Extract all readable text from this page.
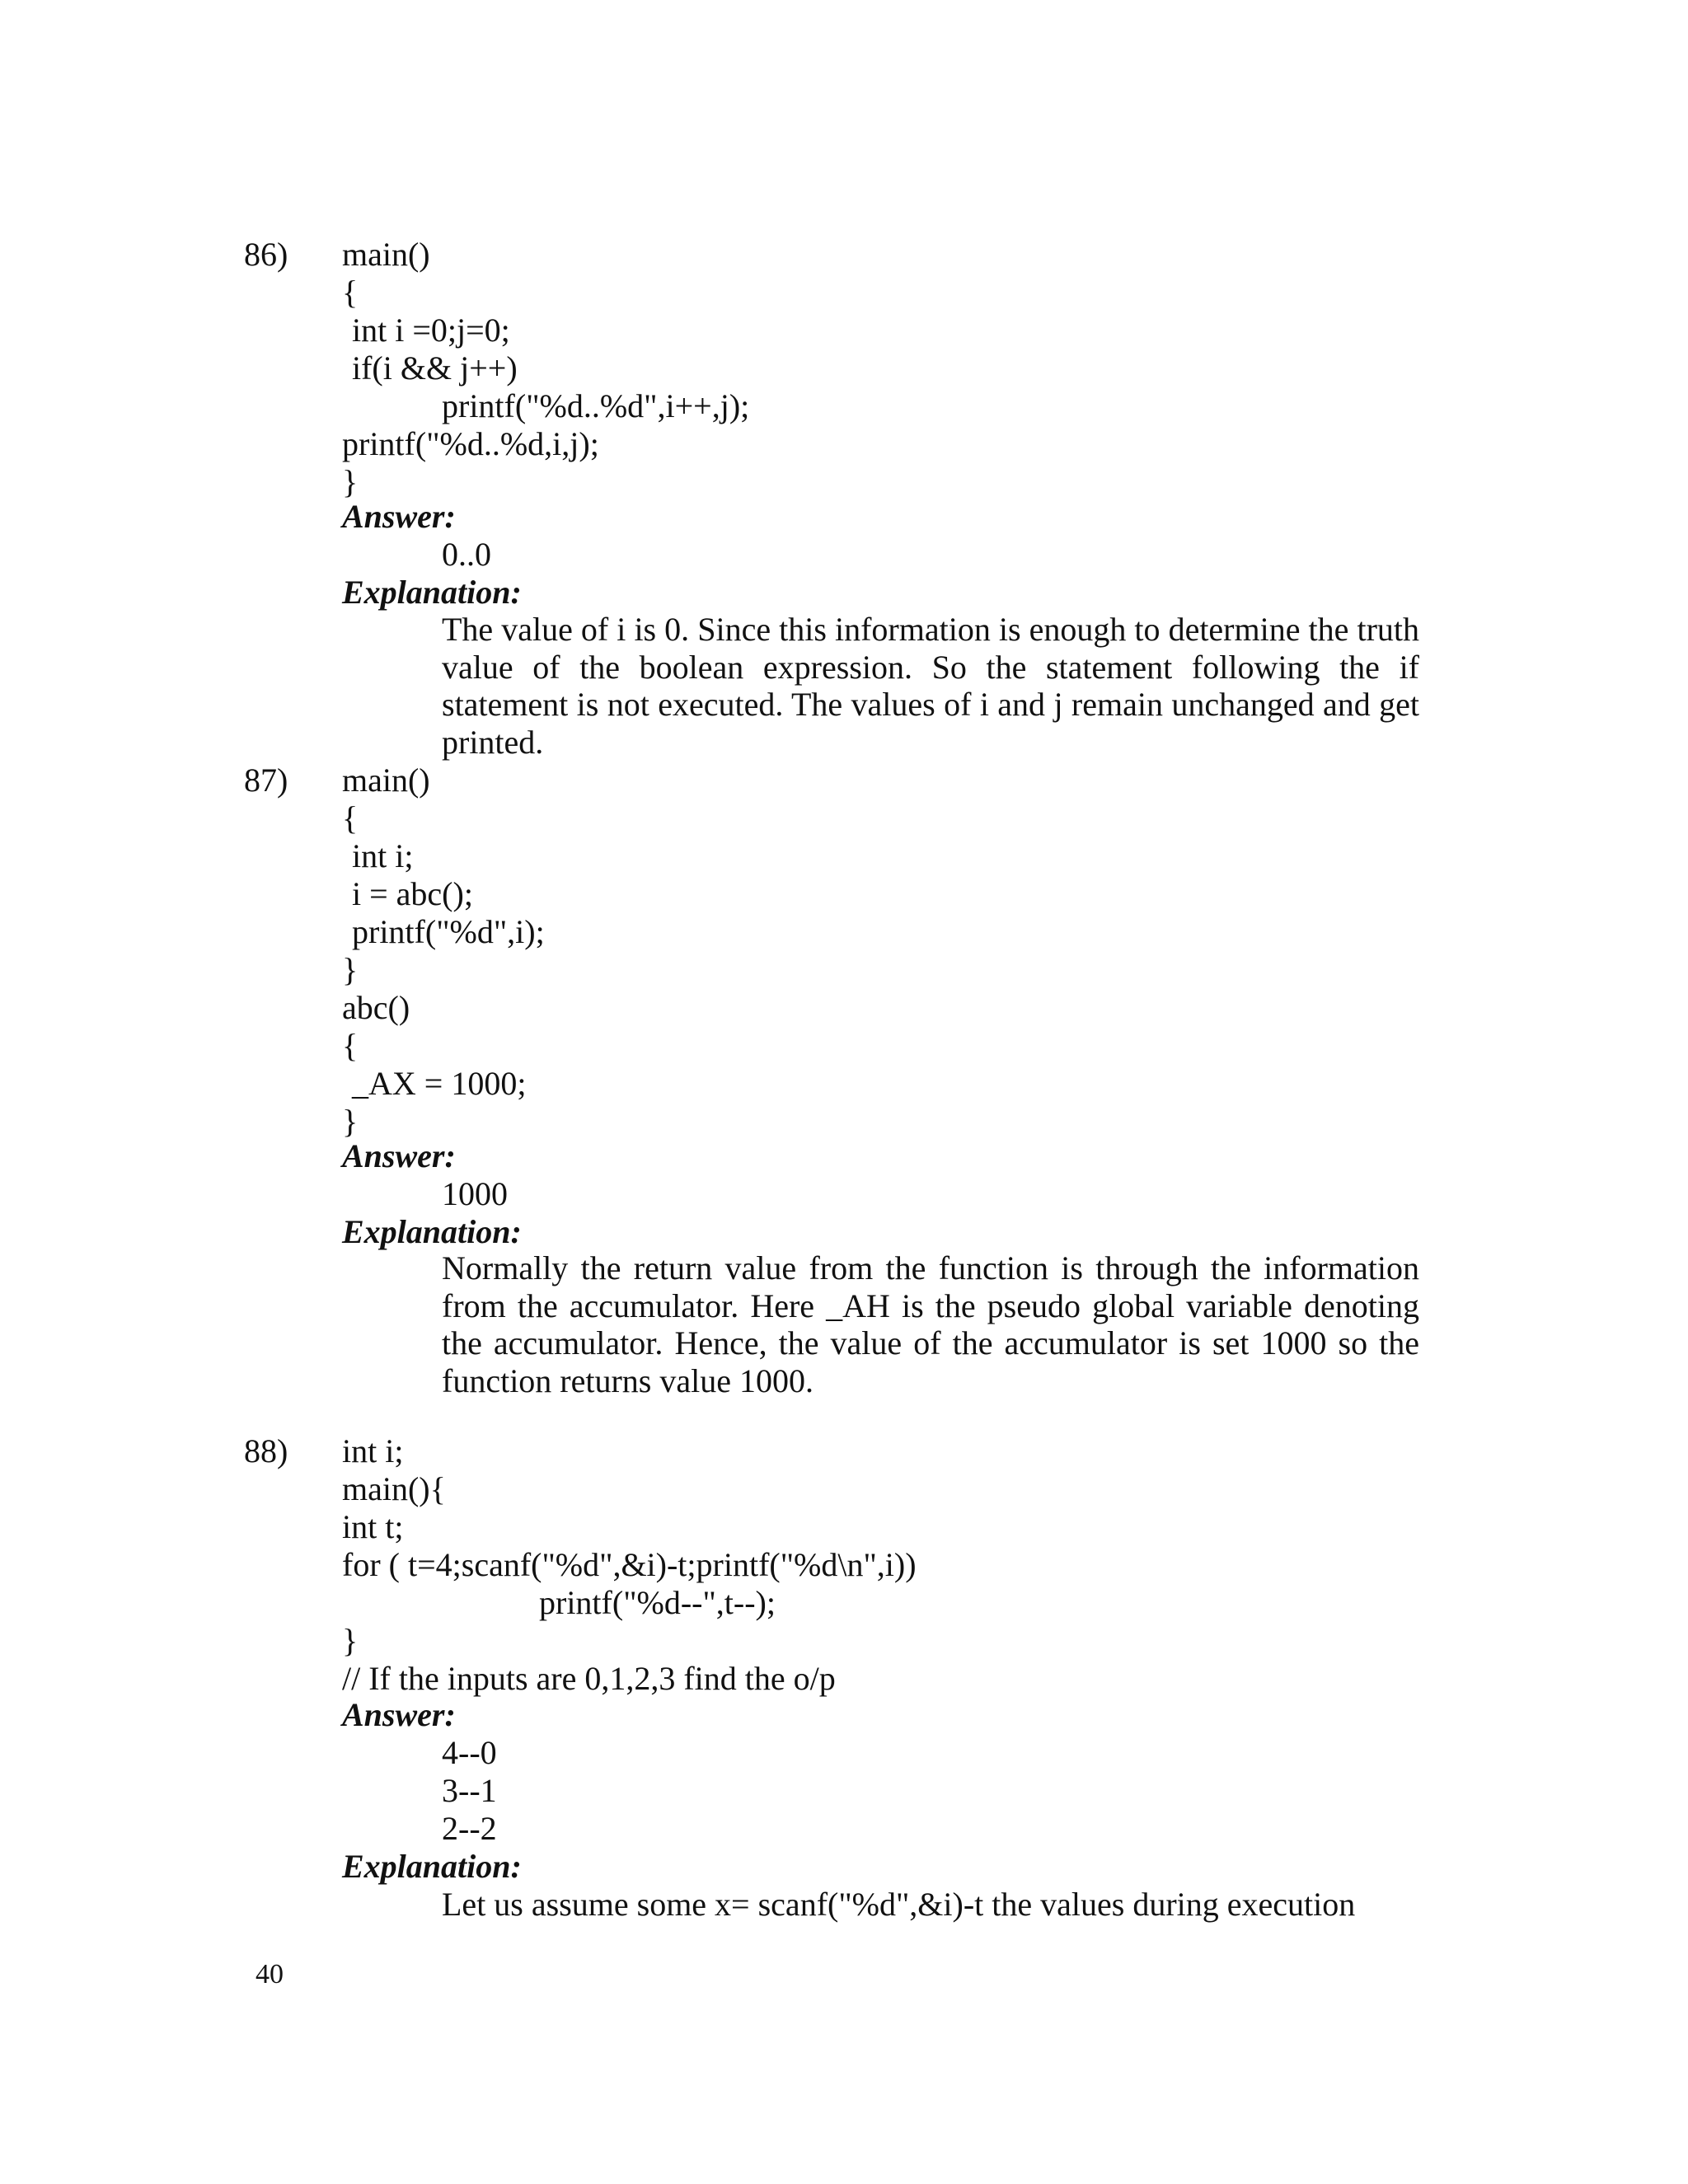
86) main()
{
int i =0;j=0;
if(i && j++)
printf("%d..%d",i++,j);
printf("%d..%d,i,j);
}
Answer:
0..0
Explanation:
The value of i is 0. Since this information is enough to determine the truth value of the boolean expression. So the statement following the if statement is not executed. The values of i and j remain unchanged and get printed.
87) main()
{
int i;
i = abc();
printf("%d",i);
}
abc()
{
_AX = 1000;
}
Answer:
1000
Explanation:
Normally the return value from the function is through the information from the accumulator. Here _AH is the pseudo global variable denoting the accumulator. Hence, the value of the accumulator is set 1000 so the function returns value 1000.
88) int i;
main(){
int t;
for ( t=4;scanf("%d",&i)-t;printf("%d\n",i))
printf("%d--",t--);
}
// If the inputs are 0,1,2,3 find the o/p
Answer:
4--0
3--1
2--2
Explanation:
Let us assume some x= scanf("%d",&i)-t the values during execution
40
